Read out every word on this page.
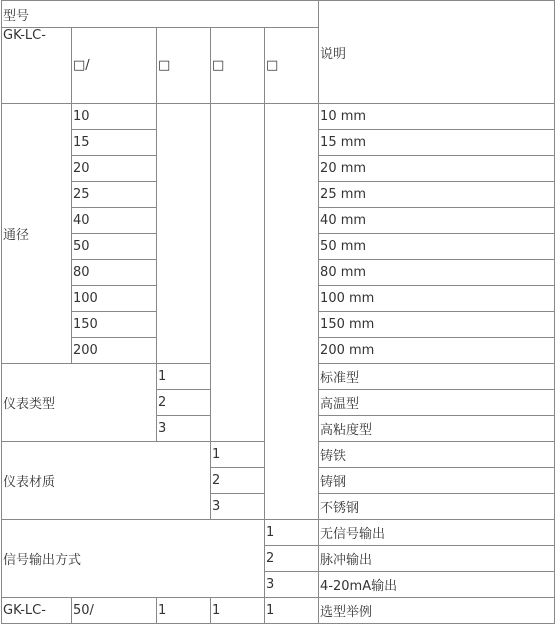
型号					说明
GK-LC-	□/	□	□	□	
通径	10				10 mm
	15				15 mm
	20				20 mm
	25				25 mm
	40				40 mm
	50				50 mm
	80				80 mm
	100				100 mm
	150				150 mm
	200				200 mm
仪表类型		1			标准型
		2			高温型
		3			高粘度型
仪表材质			1		铸铁
			2		铸钢
			3		不锈钢
信号输出方式				1	无信号输出
				2	脉冲输出
				3	4-20mA输出
GK-LC-	50/	1	1	1	选型举例
